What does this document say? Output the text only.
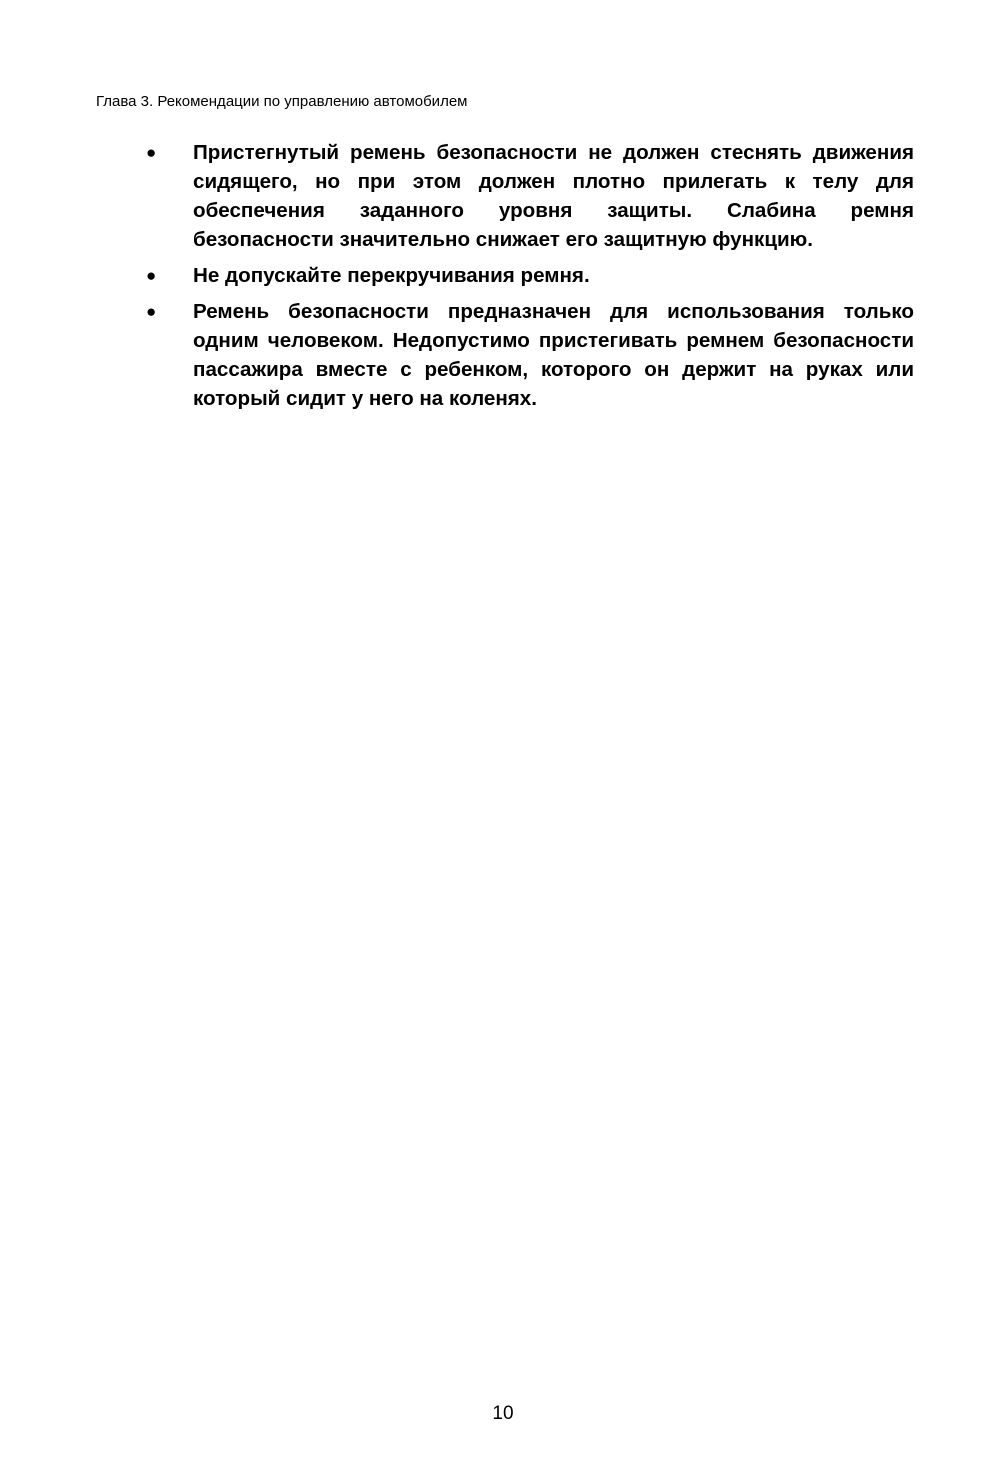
Глава 3. Рекомендации по управлению автомобилем
●	Пристегнутый ремень безопасности не должен стеснять движения сидящего, но при этом должен плотно прилегать к телу для обеспечения заданного уровня защиты. Слабина ремня безопасности значительно снижает его защитную функцию.
●	Не допускайте перекручивания ремня.
●	Ремень безопасности предназначен для использования только одним человеком. Недопустимо пристегивать ремнем безопасности пассажира вместе с ребенком, которого он держит на руках или который сидит у него на коленях.
10
